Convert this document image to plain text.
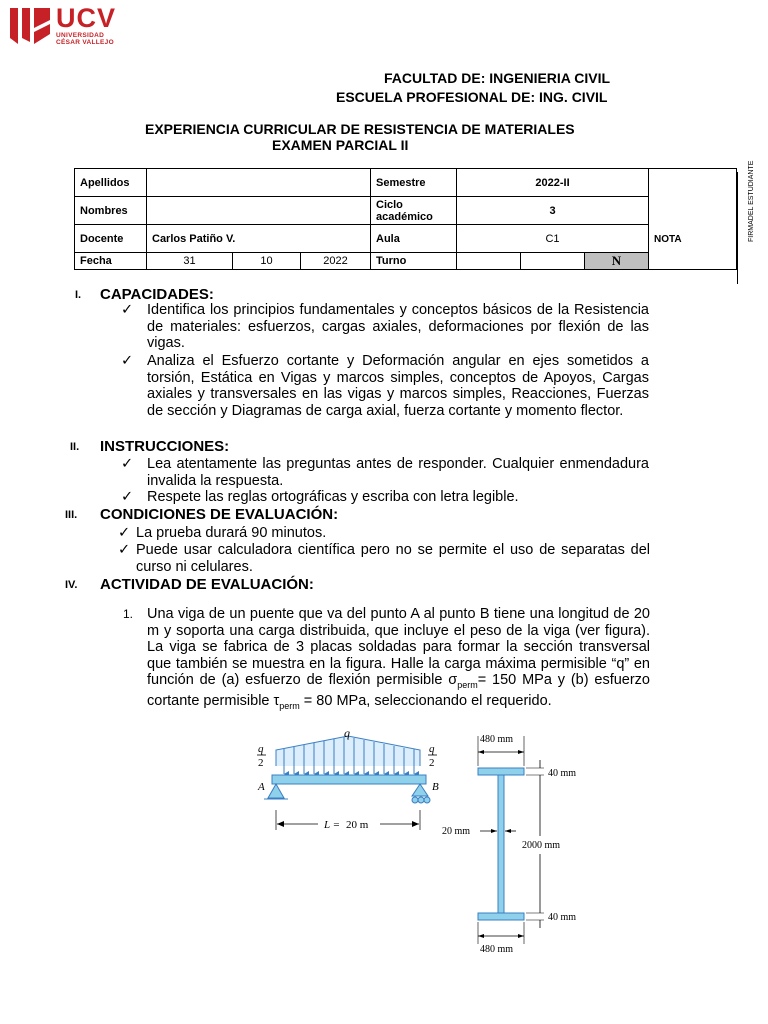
UCV
UNIVERSIDAD
CÉSAR VALLEJO
FACULTAD DE: INGENIERIA CIVIL
ESCUELA PROFESIONAL DE: ING. CIVIL
EXPERIENCIA CURRICULAR DE RESISTENCIA DE MATERIALES
EXAMEN PARCIAL II
Apellidos				Semestre	2022-II			NOTA
Nombres				Ciclo académico	3			
Docente	Carlos Patiño V.			Aula	C1			
Fecha	31	10	2022	Turno			N	
FIRMADEL ESTUDIANTE
I. CAPACIDADES:
✓ Identifica los principios fundamentales y conceptos básicos de la Resistencia de materiales: esfuerzos, cargas axiales, deformaciones por flexión de las vigas.
✓ Analiza el Esfuerzo cortante y Deformación angular en ejes sometidos a torsión, Estática en Vigas y marcos simples, conceptos de Apoyos, Cargas axiales y transversales en las vigas y marcos simples, Reacciones, Fuerzas de sección y Diagramas de carga axial, fuerza cortante y momento flector.
II. INSTRUCCIONES:
✓ Lea atentamente las preguntas antes de responder. Cualquier enmendadura invalida la respuesta.
✓ Respete las reglas ortográficas y escriba con letra legible.
III. CONDICIONES DE EVALUACIÓN:
✓ La prueba durará 90 minutos.
✓ Puede usar calculadora científica pero no se permite el uso de separatas del curso ni celulares.
IV. ACTIVIDAD DE EVALUACIÓN:
1. Una viga de un puente que va del punto A al punto B tiene una longitud de 20 m y soporta una carga distribuida, que incluye el peso de la viga (ver figura). La viga se fabrica de 3 placas soldadas para formar la sección transversal que también se muestra en la figura. Halle la carga máxima permisible “q” en función de (a) esfuerzo de flexión permisible $\sigma_{perm}= 150$ MPa y (b) esfuerzo cortante permisible $\tau_{perm} = 80$ MPa, seleccionando el requerido.
q
q
2
q
2
A	B
L = 20 m
480 mm
40 mm
20 mm
2000 mm
40 mm
480 mm
